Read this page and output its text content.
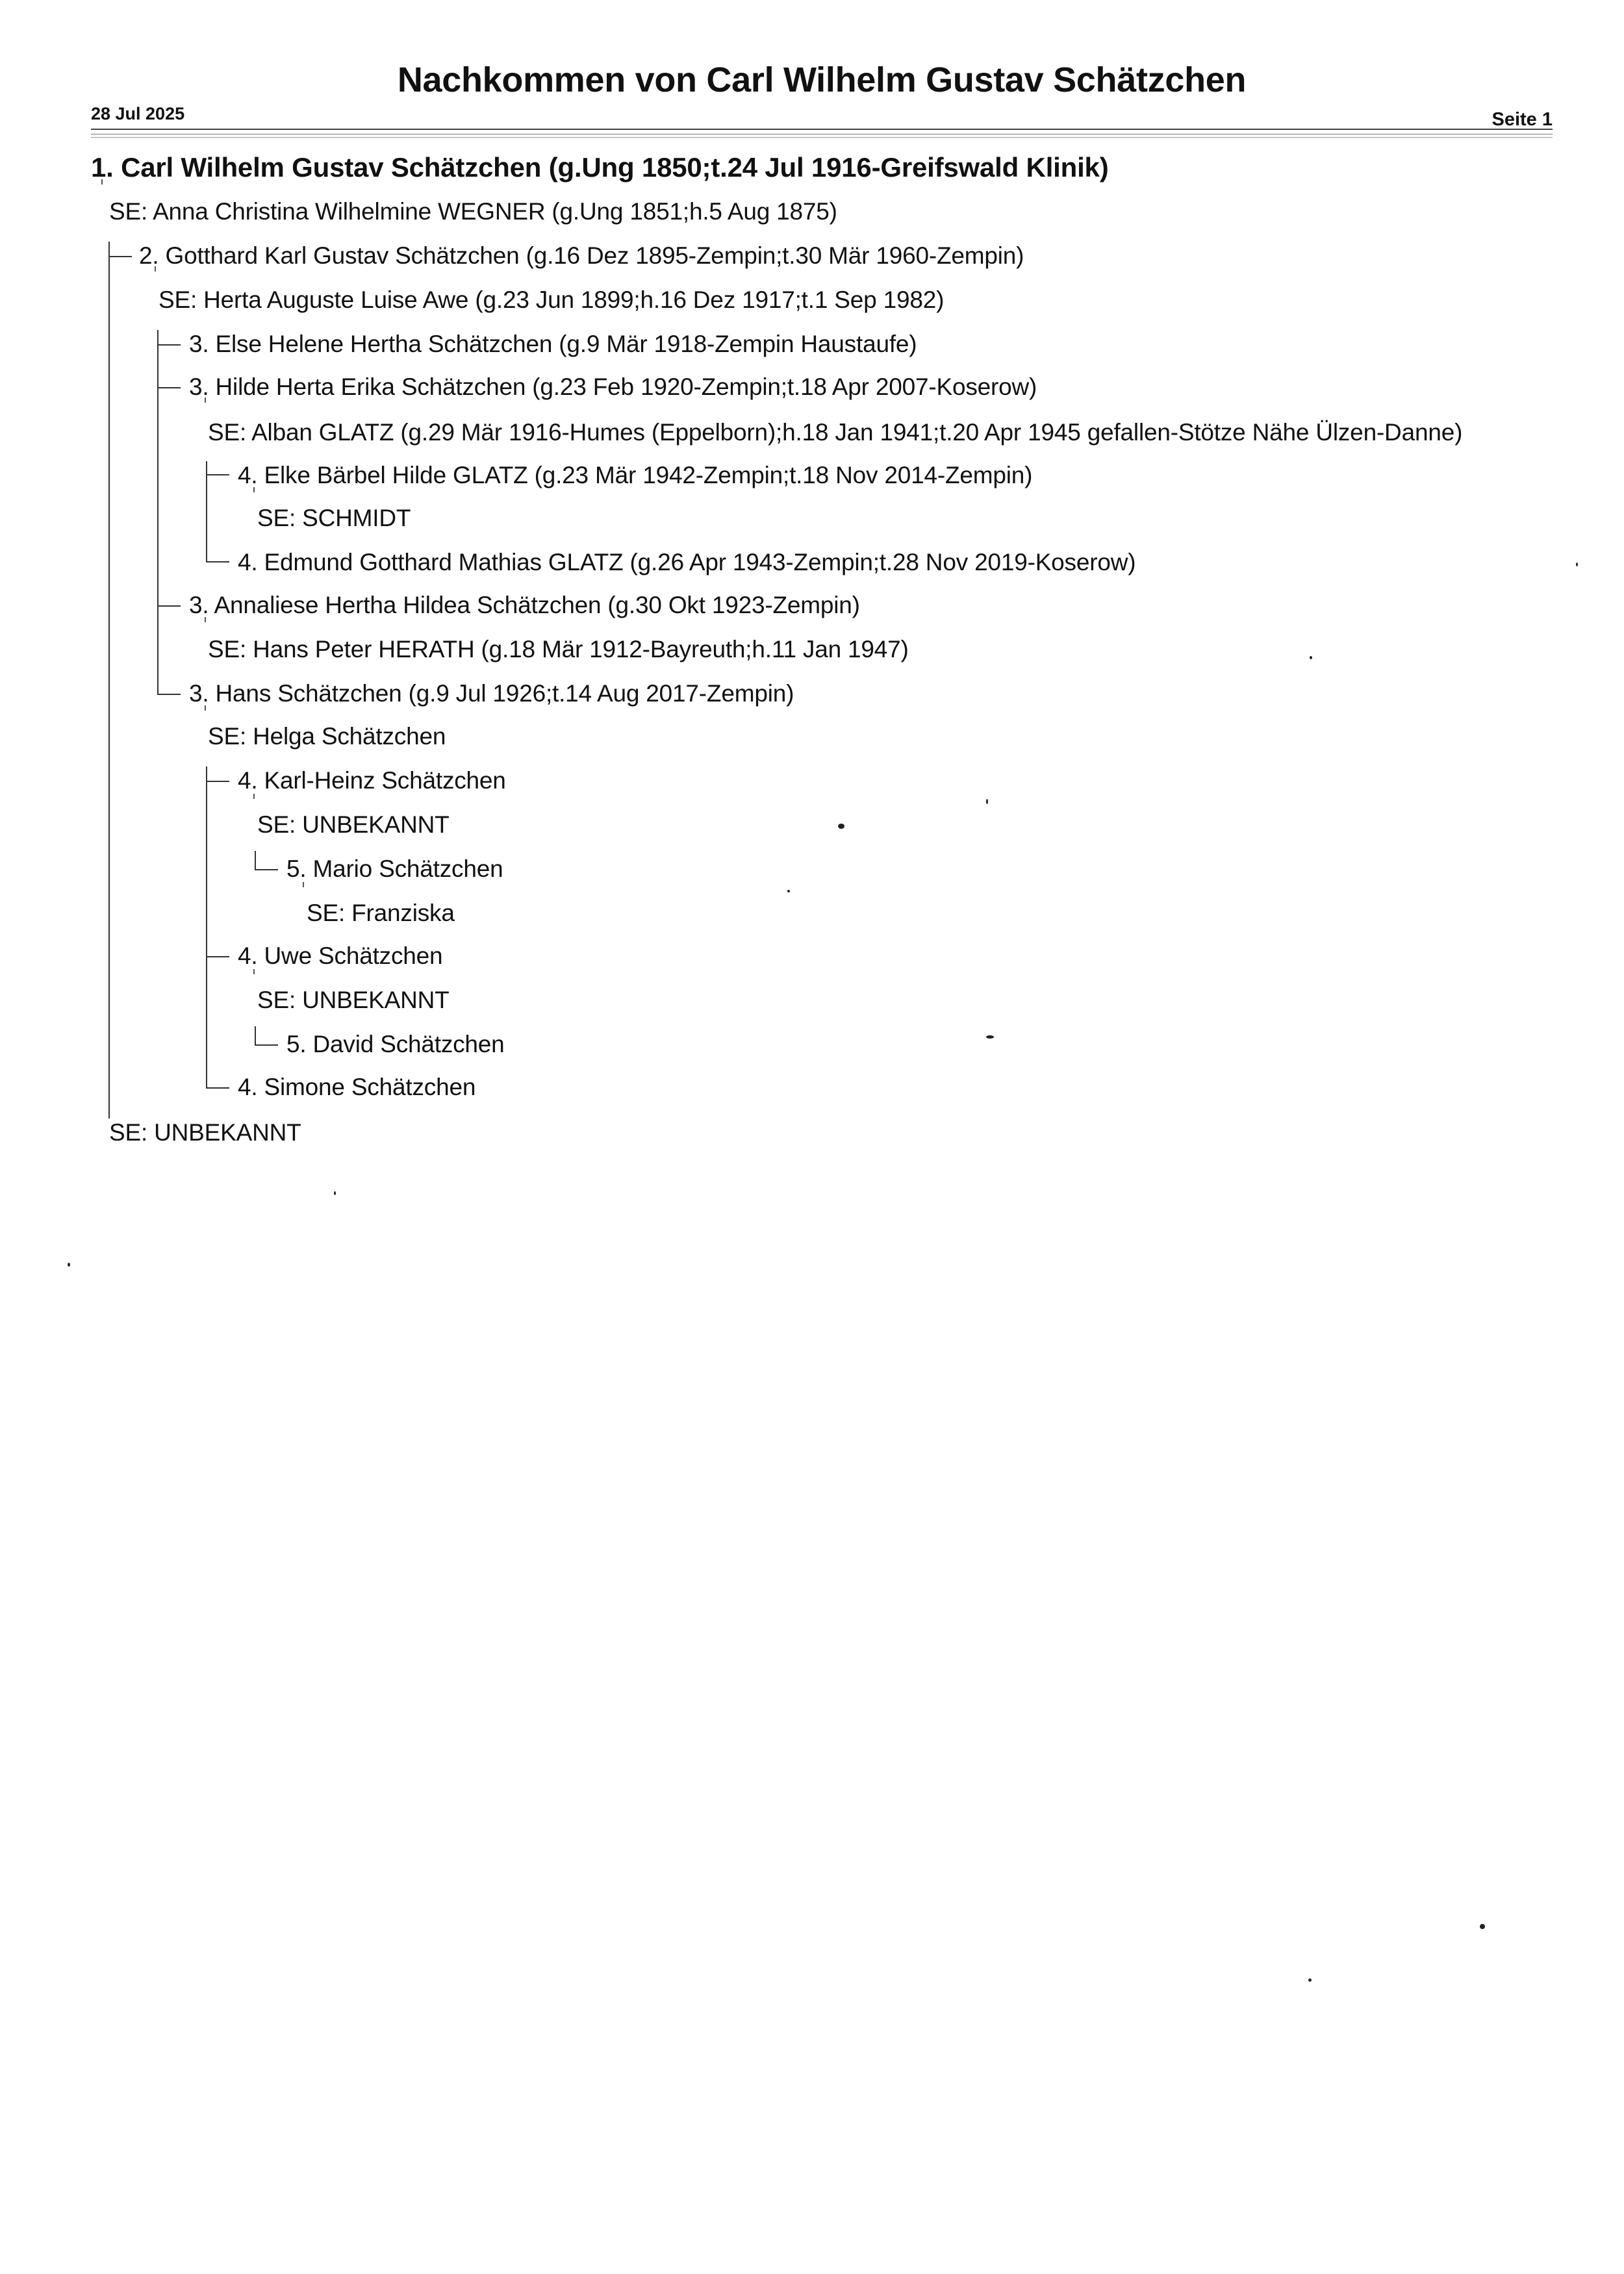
Nachkommen von Carl Wilhelm Gustav Schätzchen
28 Jul 2025	Seite 1
1. Carl Wilhelm Gustav Schätzchen (g.Ung 1850;t.24 Jul 1916-Greifswald Klinik)
SE: Anna Christina Wilhelmine WEGNER (g.Ung 1851;h.5 Aug 1875)
2. Gotthard Karl Gustav Schätzchen (g.16 Dez 1895-Zempin;t.30 Mär 1960-Zempin)
SE: Herta Auguste Luise Awe (g.23 Jun 1899;h.16 Dez 1917;t.1 Sep 1982)
3. Else Helene Hertha Schätzchen (g.9 Mär 1918-Zempin Haustaufe)
3. Hilde Herta Erika Schätzchen (g.23 Feb 1920-Zempin;t.18 Apr 2007-Koserow)
SE: Alban GLATZ (g.29 Mär 1916-Humes (Eppelborn);h.18 Jan 1941;t.20 Apr 1945 gefallen-Stötze Nähe Ülzen-Danne)
4. Elke Bärbel Hilde GLATZ (g.23 Mär 1942-Zempin;t.18 Nov 2014-Zempin)
SE: SCHMIDT
4. Edmund Gotthard Mathias GLATZ (g.26 Apr 1943-Zempin;t.28 Nov 2019-Koserow)
3. Annaliese Hertha Hildea Schätzchen (g.30 Okt 1923-Zempin)
SE: Hans Peter HERATH (g.18 Mär 1912-Bayreuth;h.11 Jan 1947)
3. Hans Schätzchen (g.9 Jul 1926;t.14 Aug 2017-Zempin)
SE: Helga Schätzchen
4. Karl-Heinz Schätzchen
SE: UNBEKANNT
5. Mario Schätzchen
SE: Franziska
4. Uwe Schätzchen
SE: UNBEKANNT
5. David Schätzchen
4. Simone Schätzchen
SE: UNBEKANNT
